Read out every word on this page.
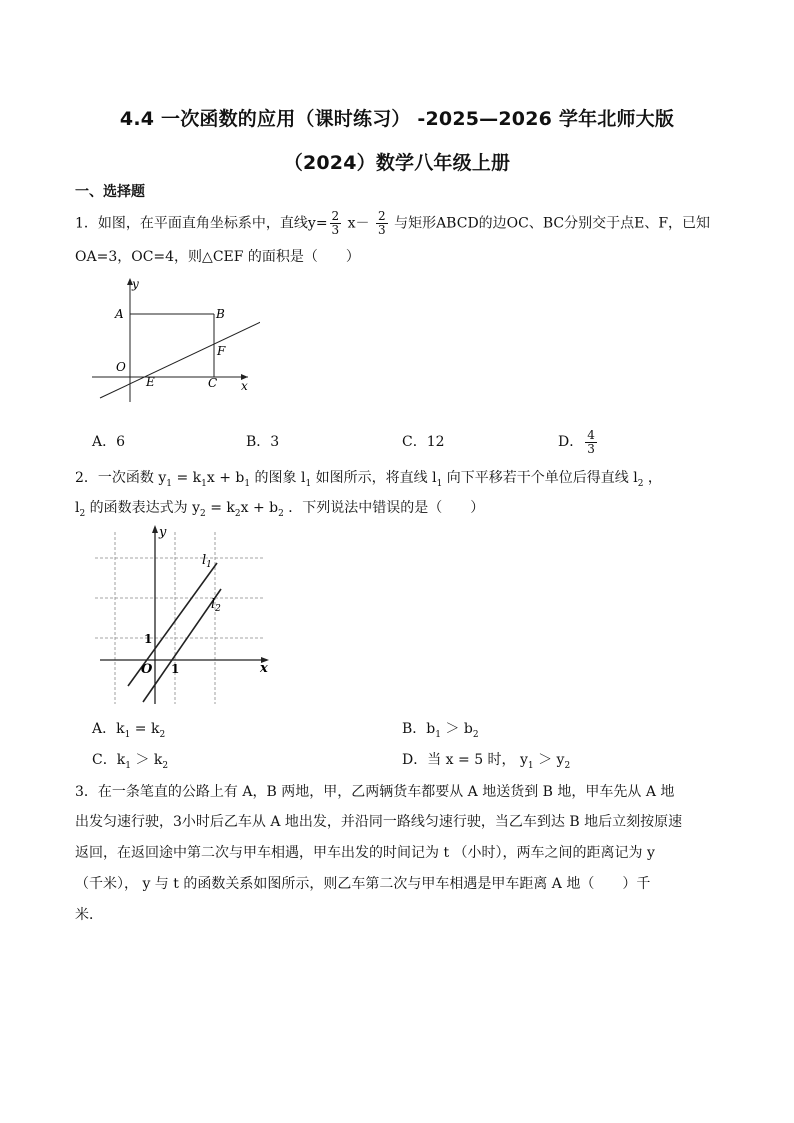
4.4 一次函数的应用（课时练习） -2025—2026 学年北师大版
（2024）数学八年级上册
一、选择题
1．如图，在平面直角坐标系中，直线$y= \frac{2}{3} x- \frac{2}{3}$ 与矩形ABCD的边OC、BC分别交于点E、F，已知
OA=3，OC=4，则△CEF 的面积是（　　）
y
x
A	B
F
O
E	C
A．6	B．3	C．12	D． $\frac{4}{3}$
2．一次函数 $y_1 = k_1x + b_1$ 的图象 $l_1$ 如图所示，将直线 $l_1$ 向下平移若干个单位后得直线 $l_2$ ，
$l_2$ 的函数表达式为 $y_2 = k_2x + b_2$ ．下列说法中错误的是（　　）
y
x
$l_1$
$l_2$
1
1
O
A．$k_1 = k_2$	B．$b_1 > b_2$
C．$k_1 > k_2$	D．当 x = 5 时， $y_1 > y_2$
3．在一条笔直的公路上有 A，B 两地，甲，乙两辆货车都要从 A 地送货到 B 地，甲车先从 A 地
出发匀速行驶，3小时后乙车从 A 地出发，并沿同一路线匀速行驶，当乙车到达 B 地后立刻按原速
返回，在返回途中第二次与甲车相遇，甲车出发的时间记为 t （小时），两车之间的距离记为 y
（千米）， y 与 t 的函数关系如图所示，则乙车第二次与甲车相遇是甲车距离 A 地（　　）千
米．
